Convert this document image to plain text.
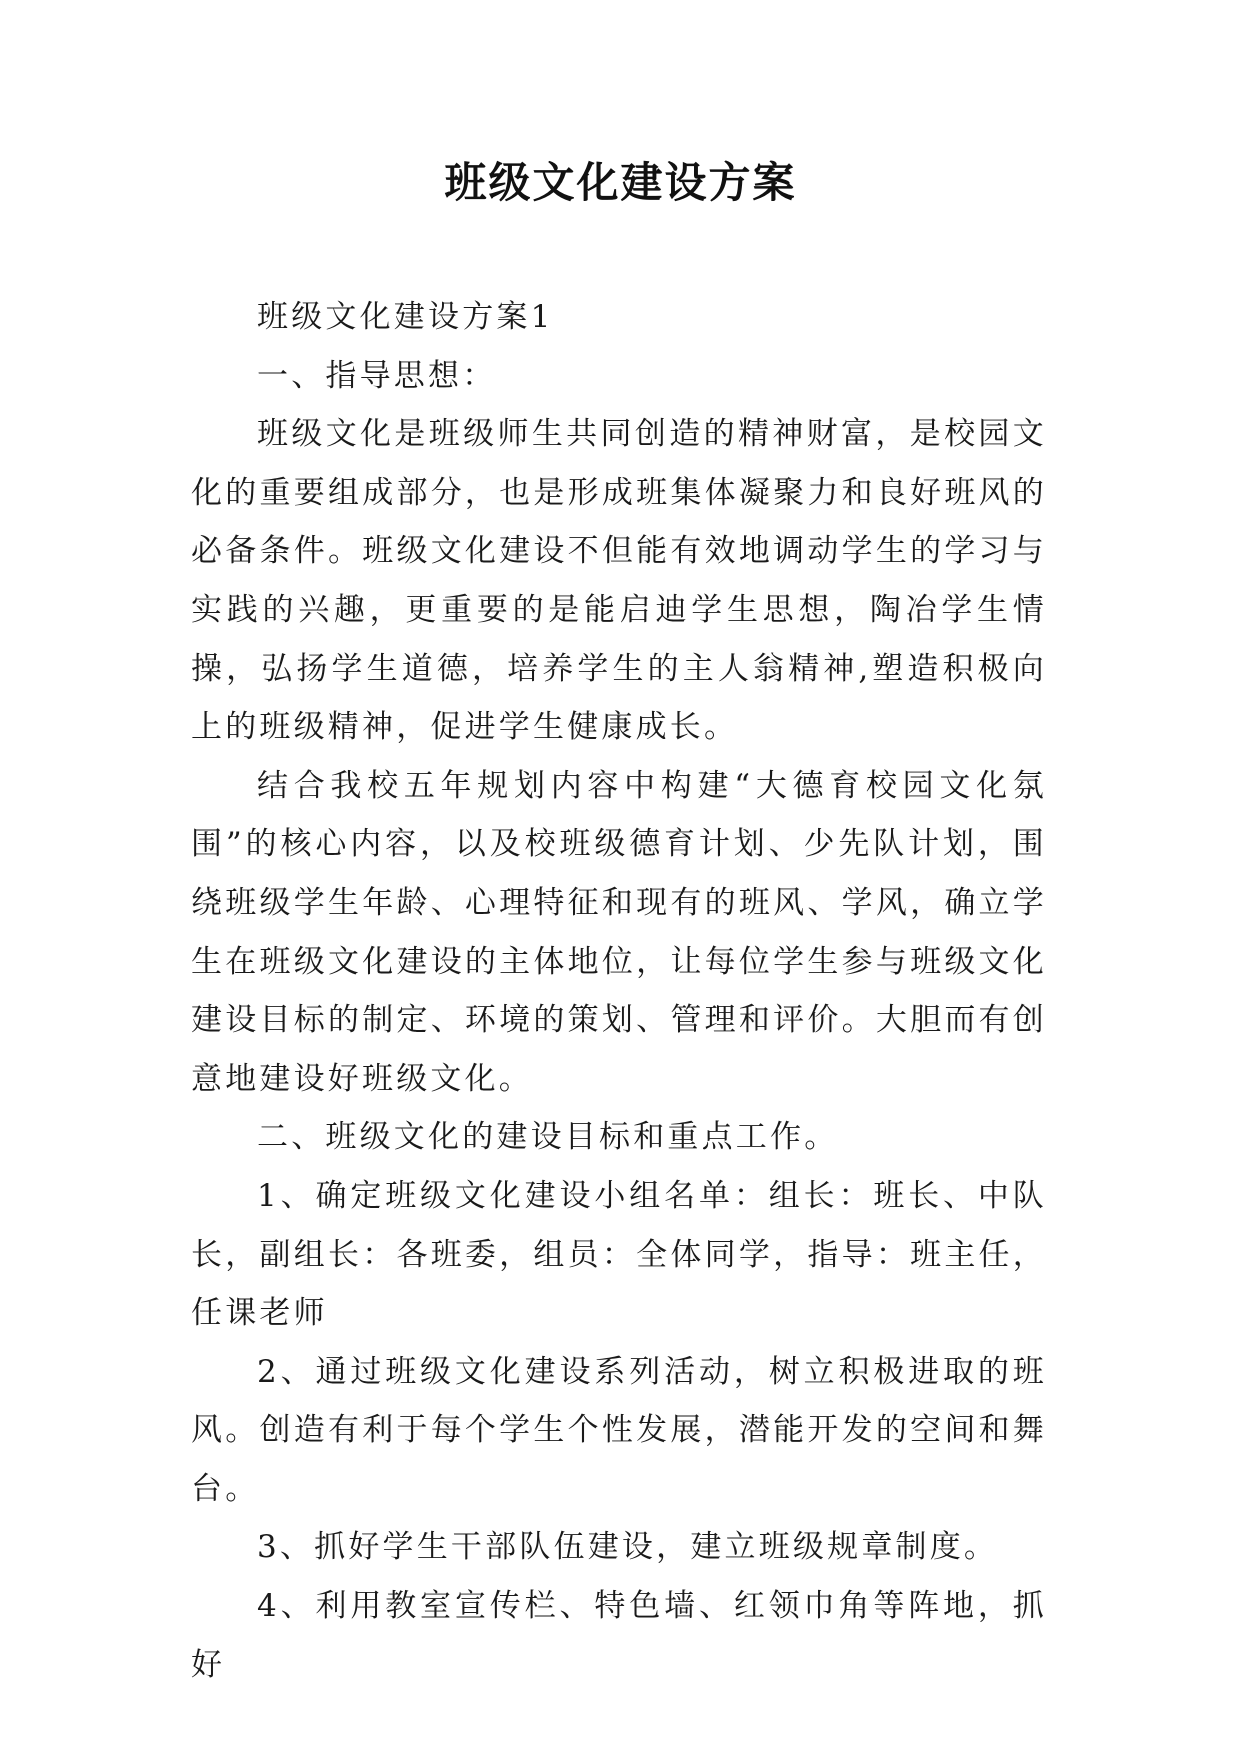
班级文化建设方案

班级文化建设方案1

一、指导思想：

班级文化是班级师生共同创造的精神财富，是校园文化的重要组成部分，也是形成班集体凝聚力和良好班风的必备条件。班级文化建设不但能有效地调动学生的学习与实践的兴趣，更重要的是能启迪学生思想，陶冶学生情操，弘扬学生道德，培养学生的主人翁精神,塑造积极向上的班级精神，促进学生健康成长。

结合我校五年规划内容中构建“大德育校园文化氛围”的核心内容，以及校班级德育计划、少先队计划，围绕班级学生年龄、心理特征和现有的班风、学风，确立学生在班级文化建设的主体地位，让每位学生参与班级文化建设目标的制定、环境的策划、管理和评价。大胆而有创意地建设好班级文化。

二、班级文化的建设目标和重点工作。

1、确定班级文化建设小组名单：组长：班长、中队长，副组长：各班委，组员：全体同学，指导：班主任，任课老师

2、通过班级文化建设系列活动，树立积极进取的班风。创造有利于每个学生个性发展，潜能开发的空间和舞台。

3、抓好学生干部队伍建设，建立班级规章制度。

4、利用教室宣传栏、特色墙、红领巾角等阵地，抓好
